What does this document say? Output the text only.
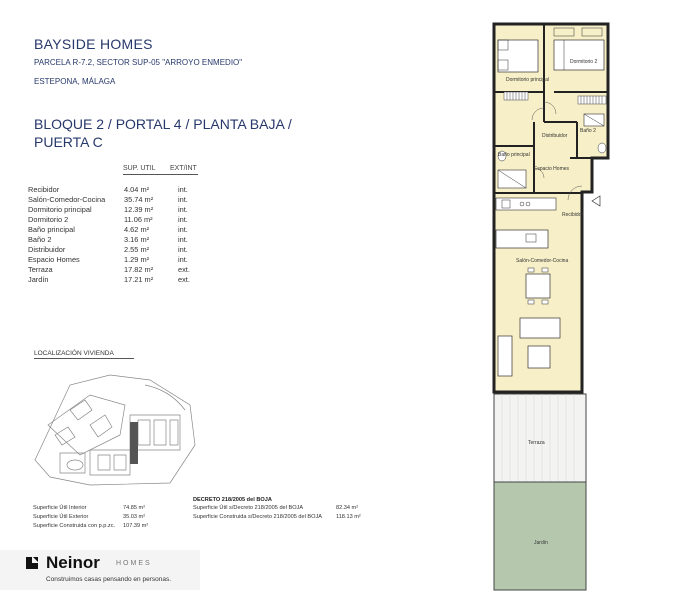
BAYSIDE HOMES
PARCELA R-7.2, SECTOR SUP-05 "ARROYO ENMEDIO"
ESTEPONA, MÁLAGA
BLOQUE 2 / PORTAL 4 / PLANTA BAJA /
PUERTA C
SUP. UTIL EXT/INT
Recibidor	4.04 m²	int.
Salón-Comedor-Cocina	35.74 m²	int.
Dormitorio principal	12.39 m²	int.
Dormitorio 2	11.06 m²	int.
Baño principal	4.62 m²	int.
Baño 2	3.16 m²	int.
Distribuidor	2.55 m²	int.
Espacio Homes	1.29 m²	int.
Terraza	17.82 m²	ext.
Jardín	17.21 m²	ext.
LOCALIZACIÓN VIVIENDA
Superficie Útil Interior	74.85 m²
Superficie Útil Exterior	35.03 m²
Superficie Construida con p.p.zc. 107.39 m²
DECRETO 218/2005 del BOJA
Superficie Útil s/Decreto 218/2005 del BOJA	82.34 m²
Superficie Construida s/Decreto 218/2005 del BOJA 118.13 m²
Neinor HOMES
Construimos casas pensando en personas.
Dormitorio principal
Dormitorio 2
Distribuidor
Baño 2
Baño principal
Espacio Homes
Recibidor
Salón-Comedor-Cocina
Terraza
Jardín
